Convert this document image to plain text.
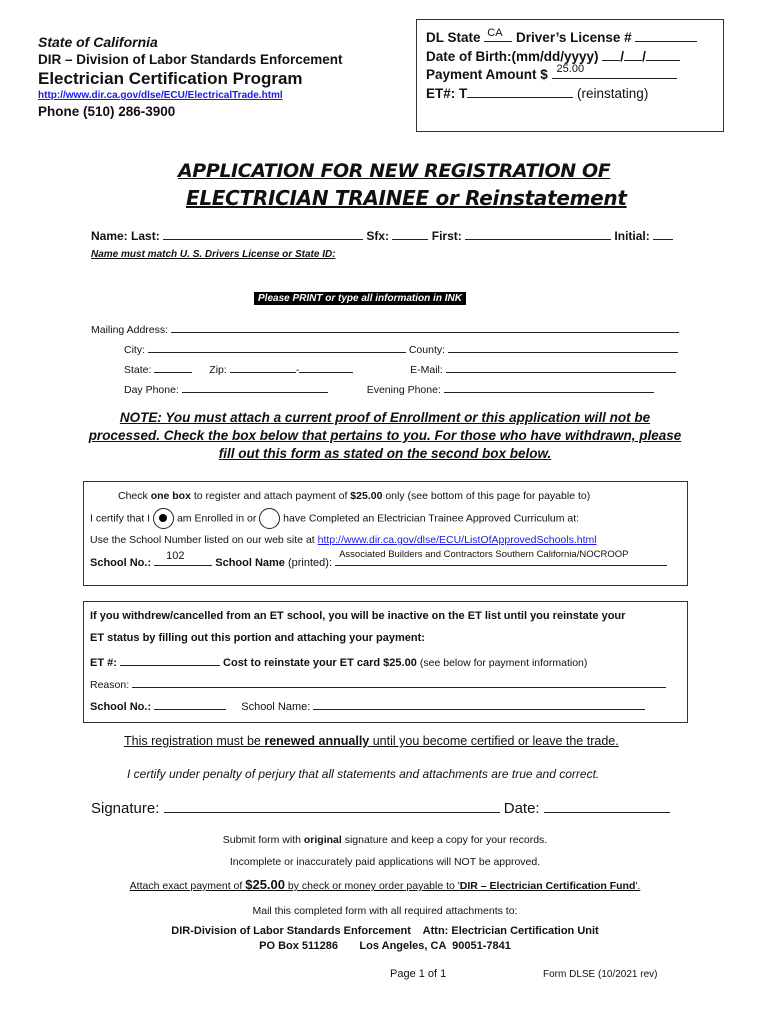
State of California
DIR – Division of Labor Standards Enforcement
Electrician Certification Program
http://www.dir.ca.gov/dlse/ECU/ElectricalTrade.html
Phone (510) 286-3900
DL State CA Driver’s License #
Date of Birth:(mm/dd/yyyy) / /
Payment Amount $ 25.00
ET#: T	(reinstating)
APPLICATION FOR NEW REGISTRATION OF
ELECTRICIAN TRAINEE or Reinstatement
Name: Last:	Sfx:	First:	Initial:
Name must match U. S. Drivers License or State ID:
Please PRINT or type all information in INK
Mailing Address:
City:	County:
State:	Zip:	-	E-Mail:
Day Phone:	Evening Phone:
NOTE: You must attach a current proof of Enrollment or this application will not be processed. Check the box below that pertains to you. For those who have withdrawn, please fill out this form as stated on the second box below.
Check one box to register and attach payment of $25.00 only (see bottom of this page for payable to)
I certify that I	am Enrolled in or	have Completed an Electrician Trainee Approved Curriculum at:
Use the School Number listed on our web site at http://www.dir.ca.gov/dlse/ECU/ListOfApprovedSchools.html
School No.:
102
School Name (printed):
Associated Builders and Contractors Southern California/NOCROOP
If you withdrew/cancelled from an ET school, you will be inactive on the ET list until you reinstate your
ET status by filling out this portion and attaching your payment:
ET #:	Cost to reinstate your ET card $25.00 (see below for payment information)
Reason:
School No.:	School Name:
This registration must be renewed annually until you become certified or leave the trade.
I certify under penalty of perjury that all statements and attachments are true and correct.
Signature:	Date:
Submit form with original signature and keep a copy for your records.
Incomplete or inaccurately paid applications will NOT be approved.
Attach exact payment of $25.00 by check or money order payable to 'DIR – Electrician Certification Fund'.
Mail this completed form with all required attachments to:
DIR-Division of Labor Standards Enforcement    Attn: Electrician Certification Unit
PO Box 511286       Los Angeles, CA  90051-7841
Page 1 of 1	Form DLSE (10/2021 rev)
